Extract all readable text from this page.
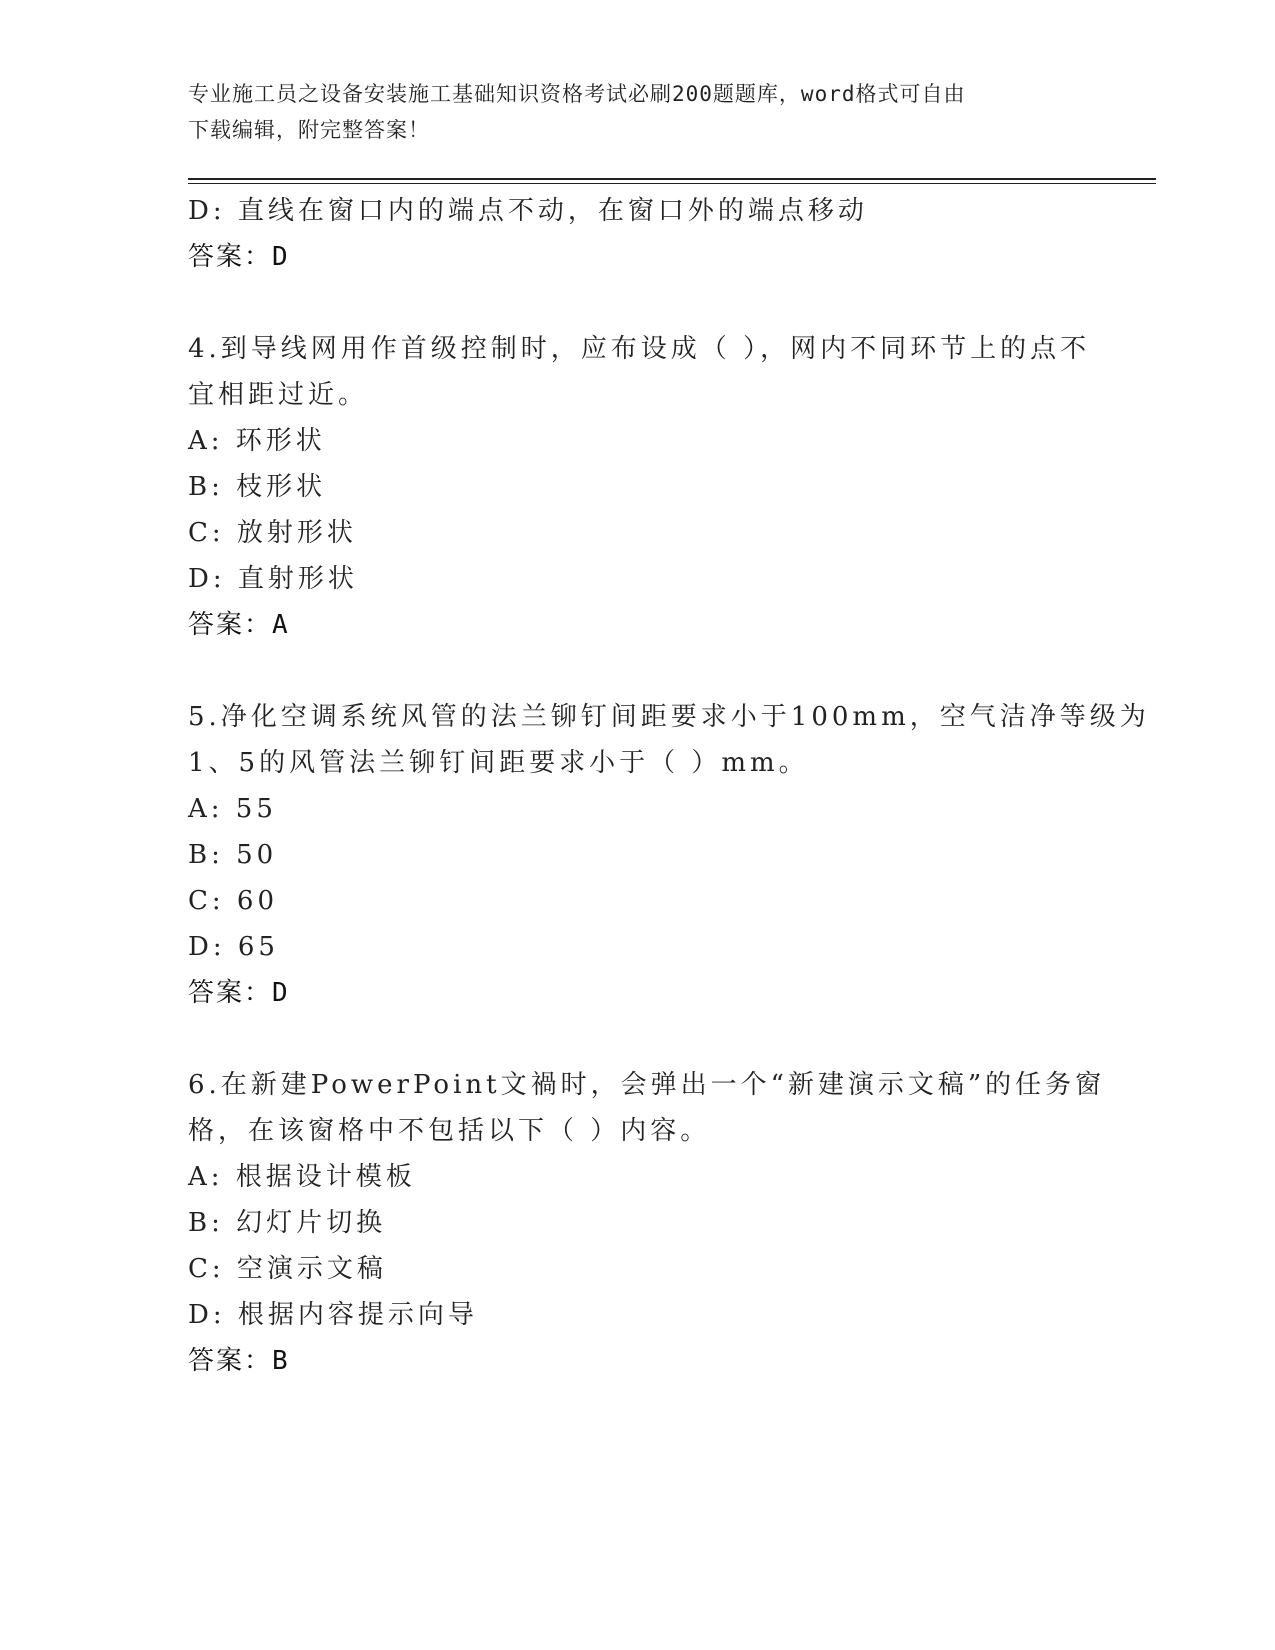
专业施工员之设备安装施工基础知识资格考试必刷200题题库，word格式可自由
下载编辑，附完整答案！
D: 直线在窗口内的端点不动，在窗口外的端点移动
答案：D
4.到导线网用作首级控制时，应布设成（ ），网内不同环节上的点不
宜相距过近。
A: 环形状
B: 枝形状
C: 放射形状
D: 直射形状
答案：A
5.净化空调系统风管的法兰铆钉间距要求小于100mm，空气洁净等级为
1、5的风管法兰铆钉间距要求小于（ ）mm。
A: 55
B: 50
C: 60
D: 65
答案：D
6.在新建PowerPoint文禍时，会弹出一个“新建演示文稿”的任务窗
格，在该窗格中不包括以下（ ）内容。
A: 根据设计模板
B: 幻灯片切换
C: 空演示文稿
D: 根据内容提示向导
答案：B
